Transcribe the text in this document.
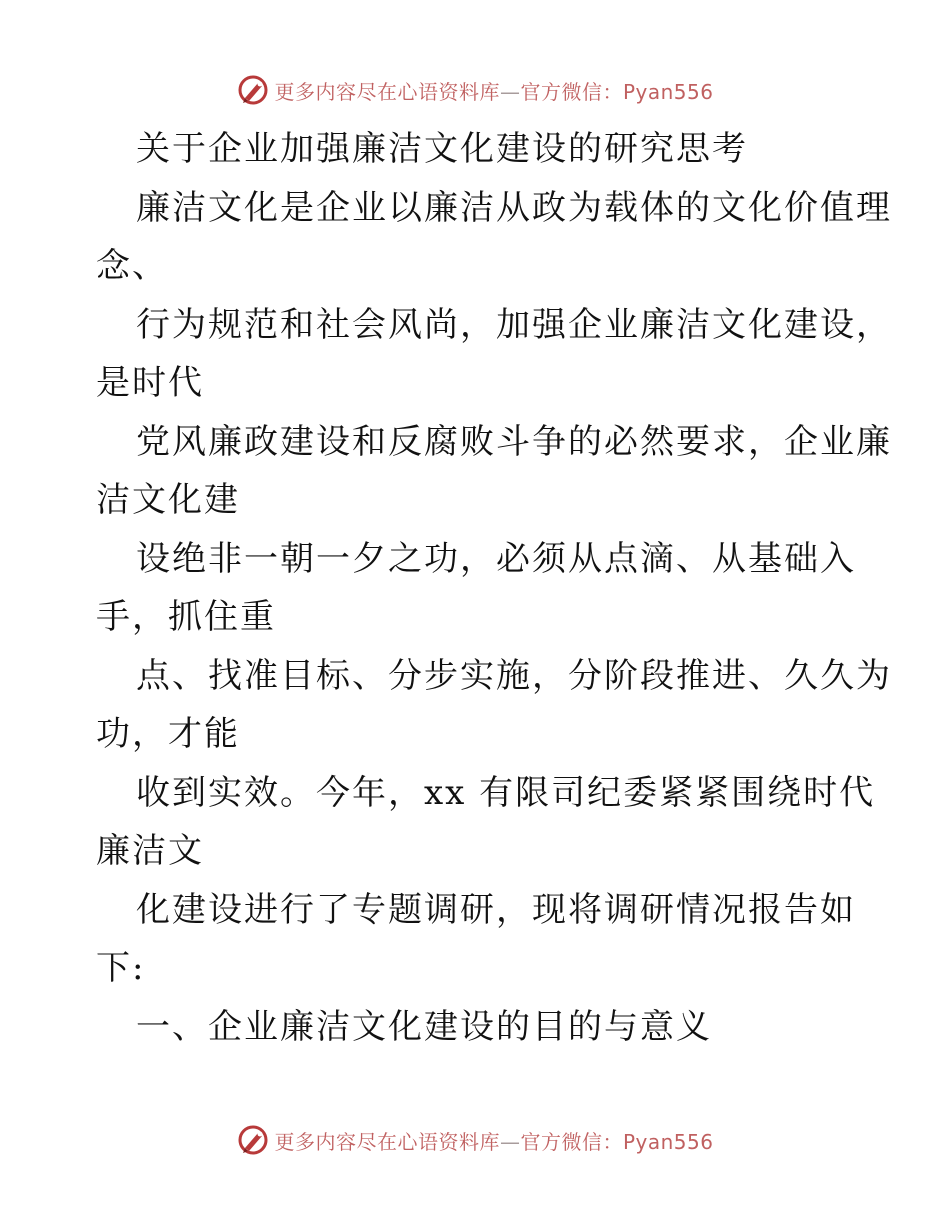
更多内容尽在心语资料库—官方微信：Pyan556
关于企业加强廉洁文化建设的研究思考
廉洁文化是企业以廉洁从政为载体的文化价值理
念、
行为规范和社会风尚，加强企业廉洁文化建设，
是时代
党风廉政建设和反腐败斗争的必然要求，企业廉
洁文化建
设绝非一朝一夕之功，必须从点滴、从基础入
手，抓住重
点、找准目标、分步实施，分阶段推进、久久为
功，才能
收到实效。今年，xx 有限司纪委紧紧围绕时代
廉洁文
化建设进行了专题调研，现将调研情况报告如
下:
一、企业廉洁文化建设的目的与意义
更多内容尽在心语资料库—官方微信：Pyan556
